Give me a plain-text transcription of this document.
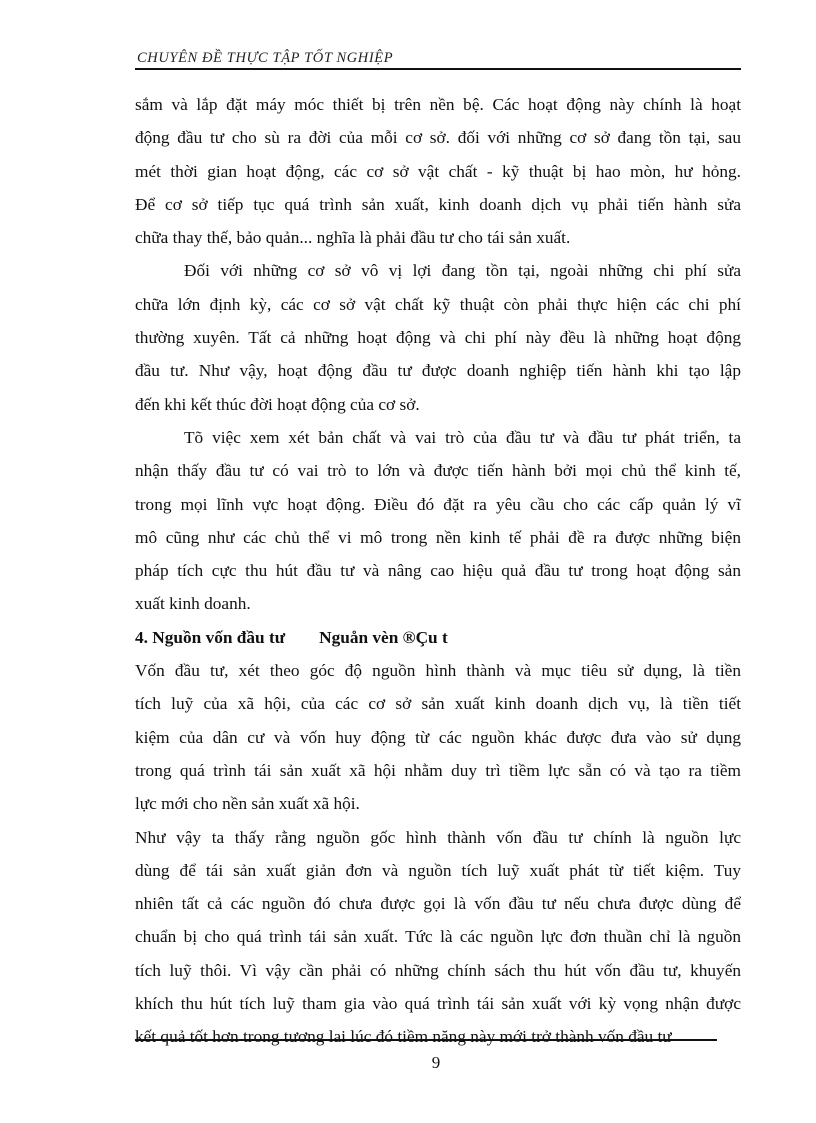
CHUYÊN ĐỀ THỰC TẬP TỐT NGHIỆP
sắm và lắp đặt máy móc thiết bị trên nền bệ. Các hoạt động này chính là hoạt
động đầu tư cho sù ra đời của mỗi cơ sở. đối với những cơ sở đang tồn tại, sau
mét thời gian hoạt động, các cơ sở vật chất - kỹ thuật bị hao mòn, hư hỏng.
Để cơ sở tiếp tục quá trình sản xuất, kinh doanh dịch vụ phải tiến hành sửa
chữa thay thế, bảo quản... nghĩa là phải đầu tư cho tái sản xuất.
Đối với những cơ sở vô vị lợi đang tồn tại, ngoài những chi phí sửa
chữa lớn định kỳ, các cơ sở vật chất kỹ thuật còn phải thực hiện các chi phí
thường xuyên. Tất cả những hoạt động và chi phí này đều là những hoạt động
đầu tư. Như vậy, hoạt động đầu tư được doanh nghiệp tiến hành khi tạo lập
đến khi kết thúc đời hoạt động của cơ sở.
Tõ việc xem xét bản chất và vai trò của đầu tư và đầu tư phát triển, ta
nhận thấy đầu tư có vai trò to lớn và được tiến hành bởi mọi chủ thể kinh tế,
trong mọi lĩnh vực hoạt động. Điều đó đặt ra yêu cầu cho các cấp quản lý vĩ
mô cũng như các chủ thể vi mô trong nền kinh tế phải đề ra được những biện
pháp tích cực thu hút đầu tư và nâng cao hiệu quả đầu tư trong hoạt động sản
xuất kinh doanh.
4. Nguồn vốn đầu tư Nguån vèn ®Çu t
Vốn đầu tư, xét theo góc độ nguồn hình thành và mục tiêu sử dụng, là tiền
tích luỹ của xã hội, của các cơ sở sản xuất kinh doanh dịch vụ, là tiền tiết
kiệm của dân cư và vốn huy động từ các nguồn khác được đưa vào sử dụng
trong quá trình tái sản xuất xã hội nhằm duy trì tiềm lực sẵn có và tạo ra tiềm
lực mới cho nền sản xuất xã hội.
Như vậy ta thấy rằng nguồn gốc hình thành vốn đầu tư chính là nguồn lực
dùng để tái sản xuất giản đơn và nguồn tích luỹ xuất phát từ tiết kiệm. Tuy
nhiên tất cả các nguồn đó chưa được gọi là vốn đầu tư nếu chưa được dùng để
chuẩn bị cho quá trình tái sản xuất. Tức là các nguồn lực đơn thuần chỉ là nguồn
tích luỹ thôi. Vì vậy cần phải có những chính sách thu hút vốn đầu tư, khuyến
khích thu hút tích luỹ tham gia vào quá trình tái sản xuất với kỳ vọng nhận được
kết quả tốt hơn trong tương lai lúc đó tiềm năng này mới trở thành vốn đầu tư
9
